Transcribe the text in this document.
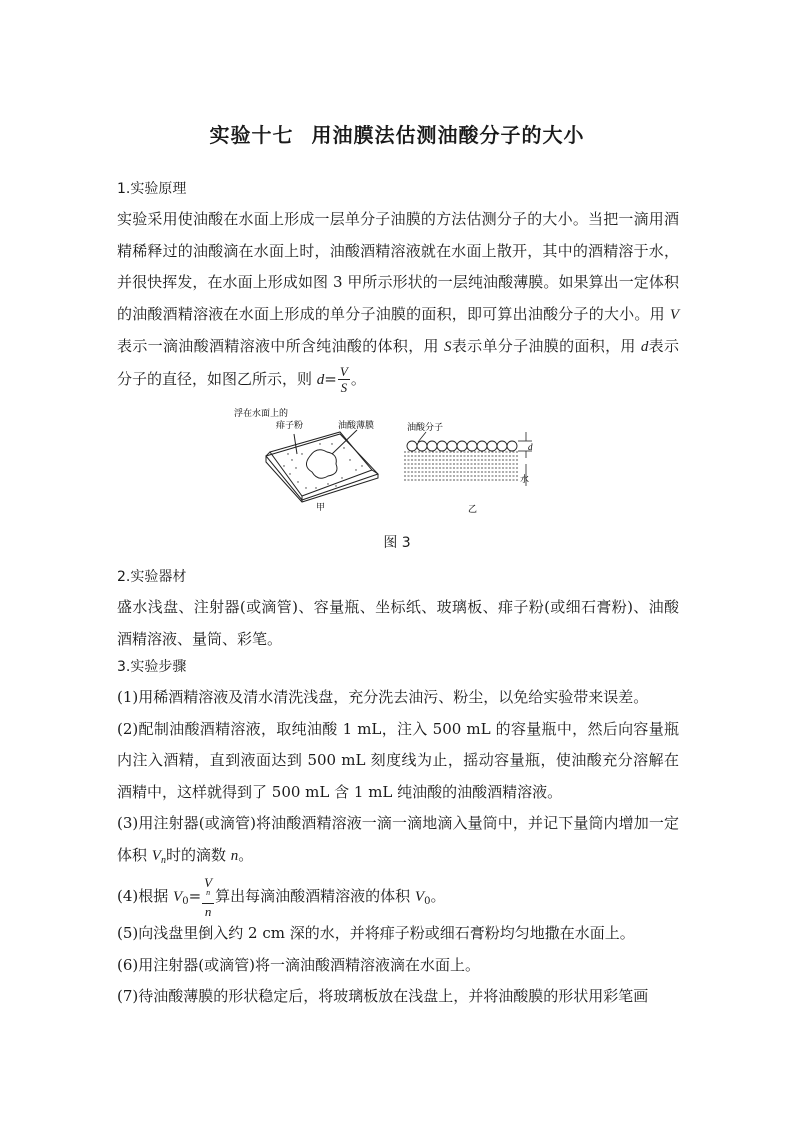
实验十七 用油膜法估测油酸分子的大小
1.实验原理
实验采用使油酸在水面上形成一层单分子油膜的方法估测分子的大小。当把一滴用酒精稀释过的油酸滴在水面上时，油酸酒精溶液就在水面上散开，其中的酒精溶于水，并很快挥发，在水面上形成如图 3 甲所示形状的一层纯油酸薄膜。如果算出一定体积的油酸酒精溶液在水面上形成的单分子油膜的面积，即可算出油酸分子的大小。用 V表示一滴油酸酒精溶液中所含纯油酸的体积，用 S表示单分子油膜的面积，用 d表示分子的直径，如图乙所示，则 $d= \frac{V}{S}$ 。
浮在水面上的
痱子粉	油酸薄膜
甲
油酸分子
d
水
乙
图 3
2.实验器材
盛水浅盘、注射器(或滴管)、容量瓶、坐标纸、玻璃板、痱子粉(或细石膏粉)、油酸酒精溶液、量筒、彩笔。
3.实验步骤
(1)用稀酒精溶液及清水清洗浅盘，充分洗去油污、粉尘，以免给实验带来误差。
(2)配制油酸酒精溶液，取纯油酸 1 mL，注入 500 mL 的容量瓶中，然后向容量瓶内注入酒精，直到液面达到 500 mL 刻度线为止，摇动容量瓶，使油酸充分溶解在酒精中，这样就得到了 500 mL 含 1 mL 纯油酸的油酸酒精溶液。
(3)用注射器(或滴管)将油酸酒精溶液一滴一滴地滴入量筒中，并记下量筒内增加一定体积 $V_n$时的滴数 n。
(4)根据 $V_0= V$
$^n$
n 算出每滴油酸酒精溶液的体积 $V_0$。
(5)向浅盘里倒入约 2 cm 深的水，并将痱子粉或细石膏粉均匀地撒在水面上。
(6)用注射器(或滴管)将一滴油酸酒精溶液滴在水面上。
(7)待油酸薄膜的形状稳定后，将玻璃板放在浅盘上，并将油酸膜的形状用彩笔画
